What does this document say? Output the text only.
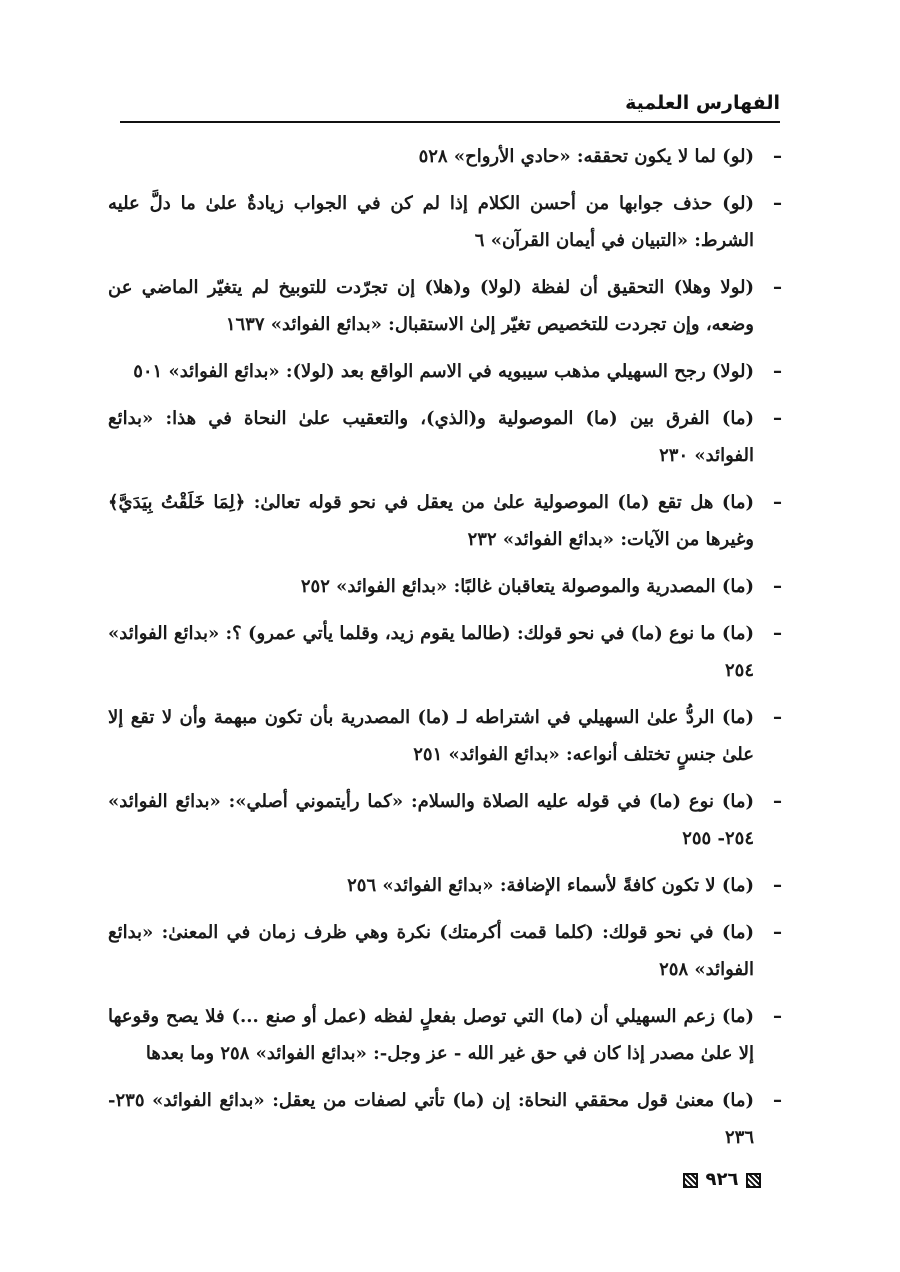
الفهارس العلمية
–
(لو) لما لا يكون تحققه: «حادي الأرواح» ٥٢٨
–
(لو) حذف جوابها من أحسن الكلام إذا لم كن في الجواب زيادةٌ علىٰ ما دلَّ عليه الشرط: «التبيان في أيمان القرآن» ٦
–
(لولا وهلا) التحقيق أن لفظة (لولا) و(هلا) إن تجرّدت للتوبيخ لم يتغيّر الماضي عن وضعه، وإن تجردت للتخصيص تغيّر إلىٰ الاستقبال: «بدائع الفوائد» ١٦٣٧
–
(لولا) رجح السهيلي مذهب سيبويه في الاسم الواقع بعد (لولا): «بدائع الفوائد» ٥٠١
–
(ما) الفرق بين (ما) الموصولية و(الذي)، والتعقيب علىٰ النحاة في هذا: «بدائع الفوائد» ٢٣٠
–
(ما) هل تقع (ما) الموصولية علىٰ من يعقل في نحو قوله تعالىٰ: ﴿لِمَا خَلَقْتُ بِيَدَيَّ﴾ وغيرها من الآيات: «بدائع الفوائد» ٢٣٢
–
(ما) المصدرية والموصولة يتعاقبان غالبًا: «بدائع الفوائد» ٢٥٢
–
(ما) ما نوع (ما) في نحو قولك: (طالما يقوم زيد، وقلما يأتي عمرو) ؟: «بدائع الفوائد» ٢٥٤
–
(ما) الردُّ علىٰ السهيلي في اشتراطه لـ (ما) المصدرية بأن تكون مبهمة وأن لا تقع إلا علىٰ جنسٍ تختلف أنواعه: «بدائع الفوائد» ٢٥١
–
(ما) نوع (ما) في قوله عليه الصلاة والسلام: «كما رأيتموني أصلي»: «بدائع الفوائد» ٢٥٤- ٢٥٥
–
(ما) لا تكون كافةً لأسماء الإضافة: «بدائع الفوائد» ٢٥٦
–
(ما) في نحو قولك: (كلما قمت أكرمتك) نكرة وهي ظرف زمان في المعنىٰ: «بدائع الفوائد» ٢٥٨
–
(ما) زعم السهيلي أن (ما) التي توصل بفعلٍ لفظه (عمل أو صنع ...) فلا يصح وقوعها إلا علىٰ مصدر إذا كان في حق غير الله - عز وجل-: «بدائع الفوائد» ٢٥٨ وما بعدها
–
(ما) معنىٰ قول محققي النحاة: إن (ما) تأتي لصفات من يعقل: «بدائع الفوائد» ٢٣٥- ٢٣٦
٩٢٦
